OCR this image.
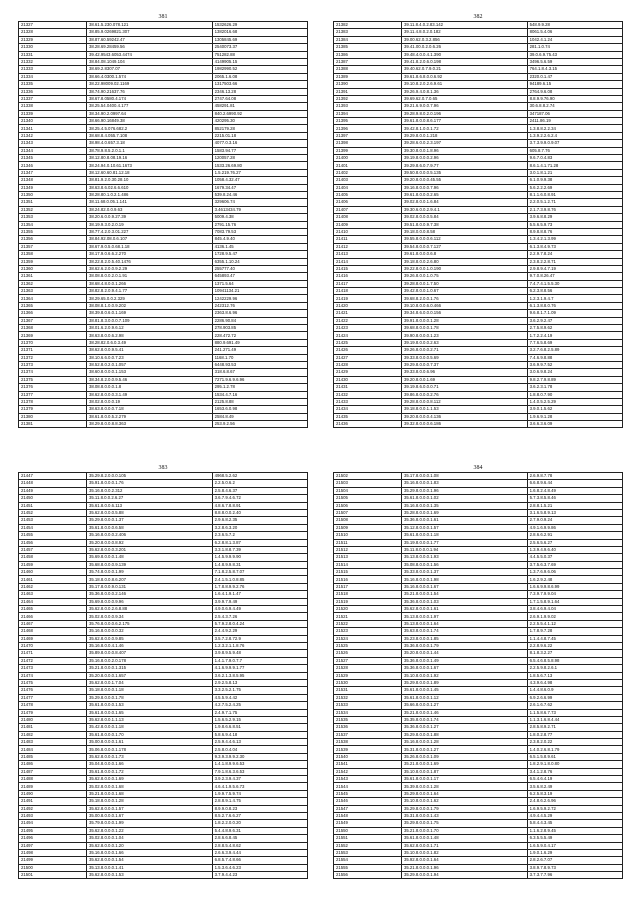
381
21327	38.61.5.230.078.121	1532626.29
21328	38.85.9.0269821.307	1382016.68
21329	38.87.60.59242.47	1305845.69
21330	38.28.69.28459.56	2540073.37
21331	39.42.9543.6053.4474	751282.88
21332	38.84.08.1049.104	4149905.15
21333	38.69.2.8307.07	1982990.52
21334	38.66.4.0300.1.574	2065.1.6.08
21335	38.22.98009.02.1169	1317503.66
21336	38.74.90.21637.76	2346.13.28
21337	38.67.8.0580.4.174	2747.64.08
21338	38.25.54.0400.4.177	458291.81
21339	38.34.90.2.0997.64	840.2.6990.92
21340	38.66.90.16849.38	420295.30
21341	38.25.4.5.076.682.2	852179.28
21342	38.68.8.4.055.7.108	2215.01.18
21343	38.98.4.0.657.3.18	4077.0.3.16
21344	38.78.9.8.5.2.0.1.1	1583.94.77
21345	38.12.80.8.08.19.16	120057.28
21346	38.24.94.0.10.61.1673	1533.26.69.80
21347	38.12.60.60.81.12.18	1.5.219.76.27
21348	38.81.9.2.0.30.28.10	1058.4.32.47
21349	38.63.8.6.02.6.6.610	1679.34.47
21350	38.28.80.1.0.2.1.486	539.8.24.46
21351	38.11.68.0.05.1.141	329606.74
21352	38.24.82.0.0.9.63	3.4613434.79
21353	38.20.6.0.0.9.27.39	5009.4.38
21354	38.19.9.3.0.2.0.19	2791.15.76
21355	38.77.4.2.0.3.01.227	7083.79.53
21356	38.84.92.08.0.6.107	845.4.9.40
21357	38.67.9.0.5.0.68.1.18	4136.1.45
21358	38.17.9.0.6.6.2.270	1728.9.5.47
21359	38.22.8.2.0.5.40.1476	6355.1.10.24
21360	38.62.6.2.0.0.9.2.29	255777.40
21361	38.08.8.0.0.2.0.1.91	645893.47
21362	38.68.4.8.0.0.1.266	1371.5.64
21363	38.82.8.2.0.9.4.1.77	10941134.21
21364	38.29.65.0.0.2.329	1242229.96
21365	38.08.8.1.0.0.9.202	242312.76
21366	38.39.8.0.6.0.1.169	2363.8.6.96
21367	38.81.8.3.0.0.0.7.109	2286.90.84
21368	38.01.6.2.0.9.6.12	278.903.85
21369	38.63.8.0.0.6.2.98	228.472.72
21370	38.28.82.0.6.0.3.49	880.9.691.49
21371	38.62.8.0.0.9.5.41	241.271.49
21372	38.10.6.6.0.0.7.23	1168.1.70
21373	38.52.8.0.2.0.1.057	6448.93.53
21374	38.60.8.0.0.0.1.153	318.6.8.67
21375	38.34.8.2.0.0.9.5.46	7271.9.6.9.6.96
21376	38.08.8.0.0.0.1.8	295.1.2.78
21377	38.62.8.0.0.0.3.1.49	1534.4.7.16
21378	38.02.8.0.0.0.19	2125.8.88
21379	38.63.8.0.0.0.7.18	1653.6.0.98
21380	38.61.8.0.0.5.2.279	2584.8.49
21381	38.29.8.0.0.8.8.363	253.9.2.56
382
21382	39.11.8.4.0.2.83.142	548.9.9.28
21383	39.11.4.8.0.2.0.182	8061.5.4.06
21384	39.00.62.0.3.2.856	1042.4.1.24
21385	39.41.00.0.2.0.6.26	281.1.0.74
21386	39.48.4.0.0.4.1.390	39.0.6.9.75.43
21387	39.41.8.2.0.6.0.198	3496.5.6.59
21388	39.40.62.0.7.9.0.21	764.1.8.4.3.15
21389	39.61.8.6.8.0.0.6.92	2320.0.1.47
21390	39.10.8.2.0.2.6.9.61	94189.6.15
21391	39.26.9.4.0.8.1.36	2764.9.6.08
21392	39.69.62.0.7.0.65	8.8.9.9.76.90
21393	39.21.6.9.0.0.7.96	30.6.8.8.2.74
21394	39.28.9.8.0.2.0.196	347187.06
21395	39.61.8.0.0.8.6.177	2411.86.19
21396	39.42.8.1.0.0.1.72	1.3.8.8.2.2.34
21397	39.29.8.0.0.1.218	1.3.9.2.2.6.2.4
21398	39.28.6.0.0.2.3.197	3.7.3.9.9.0.9.07
21399	39.30.8.0.0.1.8.96	605.8.7.76
21400	39.19.8.0.0.0.2.96	9.6.7.0.4.83
21401	39.29.8.6.0.7.9.77	8.6.1.4.1.71.28
21402	39.50.8.0.0.0.5.135	3.0.1.8.1.21
21403	39.20.8.0.0.0.45.55	6.1.0.9.9.38
21404	39.16.8.0.0.0.7.96	5.6.2.2.2.69
21405	39.61.8.0.0.0.2.65	8.1.1.6.0.8.91
21406	39.02.8.0.0.1.6.84	2.2.0.5.1.2.71
21407	39.30.6.0.0.2.9.4.1	2.1.7.3.9.8.76
21408	39.02.8.0.0.0.5.84	3.9.6.8.8.29
21409	39.51.8.0.0.9.7.38	5.5.6.5.9.73
21410	39.18.0.0.0.8.58	8.9.8.8.8.76
21411	39.55.8.0.0.0.6.112	1.3.4.2.1.3.99
21412	39.54.8.0.0.0.7.127	6.1.3.8.4.9.73
21413	39.61.8.0.0.0.6.8	2.2.9.7.8.24
21414	39.18.8.0.0.2.6.80	2.3.8.2.2.8.71
21415	39.22.8.0.0.1.0.190	2.9.8.9.4.7.19
21416	39.26.8.0.0.1.0.75	9.7.0.8.26.47
21417	39.28.8.0.0.1.7.50	7.4.7.4.1.5.5.30
21418	39.42.8.0.0.1.0.67	6.2.3.8.8.56
21419	39.68.8.2.0.0.1.76	1.2.3.1.9.4.7
21420	39.10.8.0.0.6.0.466	6.1.3.8.8.0.76
21421	39.34.8.6.0.0.0.156	9.6.8.1.7.1.09
21422	39.91.8.0.0.0.1.28	3.6.2.9.2.47
21423	39.68.8.0.0.0.1.78	2.7.5.8.9.62
21424	39.90.8.0.0.0.1.23	1.7.2.2.4.19
21425	39.19.8.0.0.0.2.63	7.7.6.5.8.69
21426	39.26.8.0.0.0.2.71	3.2.7.6.8.2.5.89
21427	39.33.8.0.0.0.5.69	7.4.6.9.8.88
21428	39.29.8.0.0.0.7.37	3.6.9.9.7.52
21429	39.33.8.0.0.6.96	3.0.6.9.8.24
21430	39.20.8.0.0.1.69	9.8.2.7.9.8.89
21431	39.19.8.6.0.0.0.71	3.6.2.3.1.78
21432	39.86.8.0.0.0.2.76	1.8.8.0.7.90
21433	39.28.8.0.0.0.8.112	1.4.0.5.2.5.29
21434	39.18.8.0.0.1.1.53	3.9.0.1.5.62
21435	39.20.8.0.0.0.4.136	1.9.6.9.1.28
21436	39.32.8.0.0.0.6.186	3.6.6.3.6.09
383
21447	35.29.8.2.0.0.0.105	4968.5.2.62
21448	35.91.8.0.0.0.1.76	2.2.5.0.6.2
21449	35.16.8.0.0.2.312	2.5.8.4.6.37
21450	35.11.8.0.0.2.6.27	3.6.7.9.4.6.72
21451	35.61.8.0.0.6.113	4.8.6.7.8.8.91
21452	35.62.8.0.0.0.5.88	8.8.8.0.0.2.40
21453	35.29.8.0.0.0.1.37	2.9.6.8.2.35
21454	35.61.8.0.0.0.6.58	3.2.8.6.3.20
21455	35.16.8.0.0.0.2.406	2.3.6.5.7.2
21456	35.20.8.0.0.0.8.92	6.2.8.8.1.3.87
21457	35.62.8.0.0.0.3.201	3.3.1.8.8.7.39
21458	35.69.8.0.0.0.1.48	1.4.5.9.9.9.90
21459	35.68.8.0.0.0.9.139	1.4.8.9.9.8.31
21460	35.74.8.0.0.0.1.99	7.1.8.2.5.8.7.07
21461	35.18.8.0.0.8.6.207	2.4.1.5.1.0.8.85
21462	35.17.8.0.0.9.0.131	1.7.8.8.9.9.2.76
21463	35.36.8.0.0.0.2.146	1.6.4.1.9.1.47
21464	35.69.8.0.0.0.9.96	3.9.9.7.9.49
21465	35.62.8.0.0.2.6.8.88	4.9.0.6.9.4.49
21466	35.02.8.0.0.0.9.34	2.5.4.3.7.26
21467	35.76.8.0.0.0.6.2.175	5.7.9.2.8.0.4.24
21468	35.16.8.0.0.0.0.32	2.4.4.9.2.29
21469	35.62.8.0.0.0.9.85	3.5.7.2.8.72.9
21470	35.16.8.0.0.4.1.46	1.2.3.2.1.1.8.76
21471	35.89.8.0.0.0.8.407	3.9.8.9.5.9.48
21472	35.16.8.0.0.2.0.178	1.4.1.7.9.0.7.7
21473	35.21.8.0.0.0.1.315	4.1.6.9.9.9.1.77
21474	35.20.8.0.0.0.1.657	3.6.2.1.3.8.5.95
21475	35.62.8.0.0.1.7.04	2.9.2.5.8.13
21476	35.18.8.0.0.0.1.18	3.3.2.5.2.1.75
21477	35.29.8.0.0.0.1.78	4.5.5.9.4.42
21478	35.61.8.0.0.0.1.53	4.2.7.5.2.4.25
21479	35.61.8.0.0.0.1.65	2.4.9.7.1.75
21480	35.62.8.0.0.1.1.13	1.5.6.5.2.9.15
21481	35.42.8.0.0.0.1.18	1.9.8.6.6.8.51
21482	35.61.8.0.0.0.1.70	5.8.6.9.4.18
21483	35.00.8.0.0.0.1.61	2.5.9.4.4.6.13
21484	35.06.8.0.0.0.1.178	2.5.8.0.4.04
21485	35.62.8.0.0.0.1.73	9.3.9.3.9.9.2.30
21486	35.04.8.0.0.0.1.66	1.4.1.8.9.9.6.53
21487	35.61.8.0.0.0.1.72	7.9.1.8.6.3.6.53
21488	35.62.8.0.0.0.1.69	3.9.2.3.9.4.37
21489	35.02.8.0.0.0.1.68	4.6.4.1.9.5.6.73
21490	35.21.8.0.0.0.1.68	1.9.9.7.5.9.74
21491	35.18.8.0.0.0.1.28	2.8.8.9.1.4.75
21492	35.62.8.0.0.0.1.57	8.9.9.0.8.23
21493	35.00.8.0.0.0.1.67	8.5.2.7.6.6.27
21494	35.79.8.0.0.0.1.99	1.8.2.2.0.0.20
21495	35.62.8.0.0.0.1.22	5.4.4.8.9.6.31
21496	35.02.8.0.0.0.1.04	2.8.6.6.8.45
21497	35.62.8.0.0.0.1.20	2.8.8.5.4.8.62
21498	35.16.8.0.0.0.1.66	2.6.6.3.9.4.44
21499	35.62.8.0.0.0.1.54	6.8.5.7.4.8.66
21500	35.13.8.0.0.0.1.41	1.5.3.6.4.6.23
21501	35.62.8.0.0.0.1.53	3.7.9.4.4.23
384
21502	35.17.8.0.0.0.1.08	2.6.9.8.7.78
21503	35.16.8.0.0.0.1.83	6.6.8.9.6.44
21504	35.29.8.0.0.0.1.96	1.6.8.2.4.8.49
21505	35.61.8.0.0.0.1.02	5.7.3.8.5.8.46
21506	35.16.8.0.0.0.1.35	2.8.8.1.5.21
21507	35.28.8.0.0.0.1.69	3.1.6.5.8.9.13
21508	35.36.8.0.0.0.1.61	2.7.9.0.9.24
21509	35.12.8.0.0.0.1.57	4.9.1.6.9.9.86
21510	35.61.8.0.0.0.1.18	2.8.6.6.2.91
21511	35.19.8.0.0.0.1.77	2.5.6.5.6.27
21512	35.11.8.0.0.0.1.94	1.3.9.4.9.6.40
21513	35.13.8.0.0.0.1.93	4.4.5.5.0.37
21514	35.08.8.0.0.0.1.56	3.7.5.6.3.7.69
21515	35.33.8.0.0.0.1.37	1.3.7.6.9.6.06
21516	35.16.8.0.0.0.1.98	1.6.2.9.2.48
21517	35.16.8.0.0.0.1.67	1.6.6.9.9.8.6.99
21518	35.21.8.0.0.0.1.54	7.3.9.7.9.9.04
21519	35.36.8.0.0.0.1.03	1.7.1.5.8.9.1.64
21520	35.62.8.0.0.0.1.61	3.8.4.6.9.4.04
21521	35.13.8.0.0.0.1.97	2.6.9.1.9.9.02
21522	35.13.8.0.0.0.1.64	2.2.5.5.4.1.12
21523	35.63.8.0.0.0.1.74	1.7.8.9.7.28
21524	35.23.8.0.0.0.1.85	1.1.4.4.8.7.45
21525	35.36.8.0.0.0.1.79	2.2.8.9.6.22
21526	35.20.8.0.0.0.1.44	8.1.8.3.2.27
21527	35.36.8.0.0.0.1.49	6.5.4.6.8.5.8.98
21528	35.36.8.0.0.0.1.67	2.2.5.9.8.2.6.1
21529	35.10.8.0.0.0.1.92	1.8.5.6.7.13
21530	35.29.8.0.0.0.1.89	4.3.9.6.4.98
21531	35.61.8.0.0.0.1.45	1.4.4.8.6.0.9
21532	35.61.8.0.0.0.1.12	6.9.2.6.6.99
21533	35.66.8.0.0.0.1.27	2.6.1.6.7.62
21534	35.21.8.0.0.0.1.46	1.1.5.8.6.7.73
21535	35.35.8.0.0.0.1.74	1.1.3.1.6.8.4.44
21536	35.36.8.0.0.0.1.27	2.8.5.8.9.2.71
21537	35.29.8.0.0.0.1.88	1.8.0.2.8.77
21538	35.16.8.0.0.0.1.28	2.3.8.2.0.22
21539	35.31.8.0.0.0.1.27	1.4.0.2.6.8.1.79
21540	35.26.8.0.0.0.1.09	6.5.1.5.8.9.61
21541	35.21.8.0.0.0.1.69	1.8.2.9.1.8.0.80
21542	35.10.8.0.0.0.1.87	3.4.1.2.8.76
21543	35.61.8.0.0.0.1.17	6.5.4.6.4.19
21544	35.39.8.0.0.0.1.28	3.5.6.8.2.49
21545	35.29.8.0.0.0.1.64	6.2.5.8.3.19
21546	35.10.8.0.0.0.1.62	2.4.8.6.2.6.96
21547	35.29.8.0.0.0.1.79	1.6.9.5.9.2.72
21548	35.31.8.0.0.0.1.43	4.9.4.4.5.29
21549	35.29.8.0.0.0.1.75	5.8.4.4.3.45
21550	35.21.8.0.0.0.1.70	1.1.6.2.8.9.45
21551	35.61.8.0.0.0.1.48	6.3.5.5.5.49
21552	35.62.8.0.0.0.1.71	1.6.5.9.0.4.17
21553	35.10.8.0.0.0.1.82	1.9.0.1.6.29
21554	35.92.8.0.0.0.1.64	2.8.2.6.7.07
21555	35.21.8.0.0.0.1.96	3.8.9.7.8.9.73
21556	35.29.8.0.0.0.1.94	3.7.3.7.7.96
